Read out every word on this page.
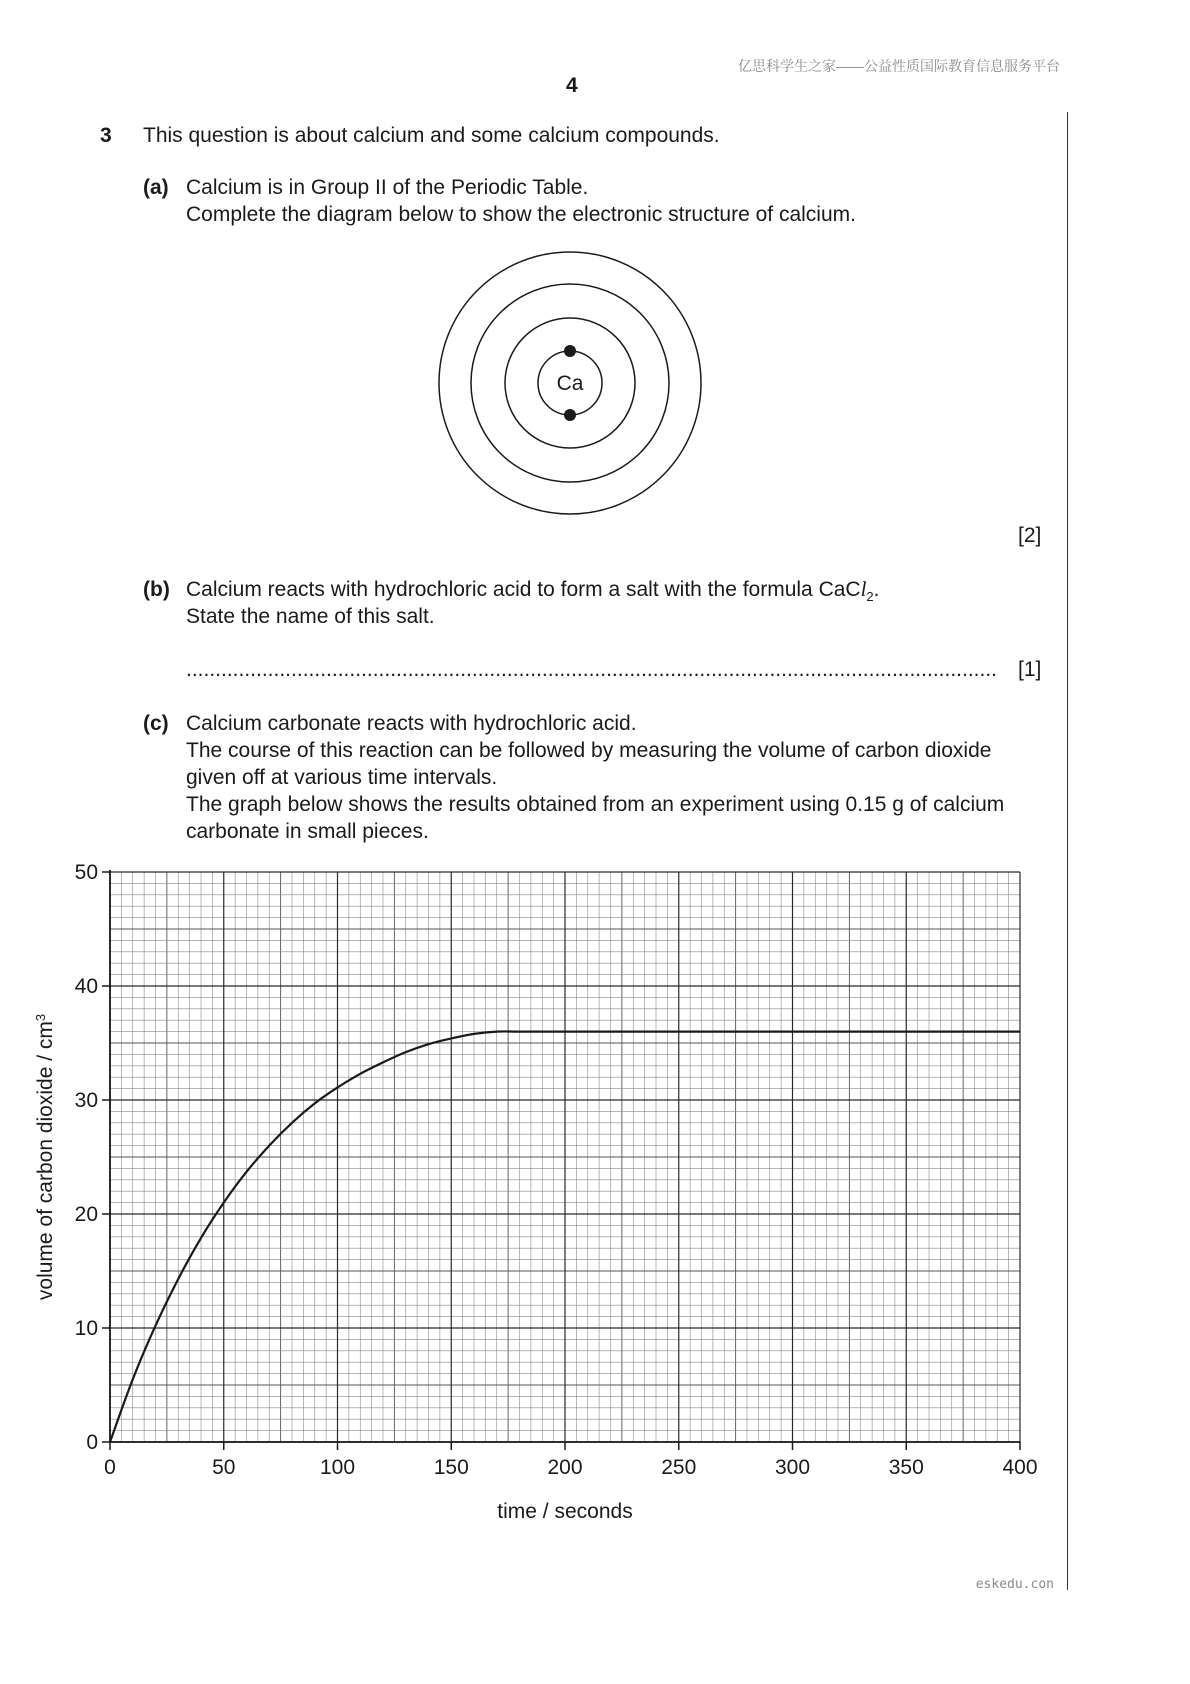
亿思科学生之家——公益性质国际教育信息服务平台
4
3 This question is about calcium and some calcium compounds.
(a) Calcium is in Group II of the Periodic Table.
Complete the diagram below to show the electronic structure of calcium.
Ca
[2]
(b) Calcium reacts with hydrochloric acid to form a salt with the formula CaCl$_2$.
State the name of this salt.
...........................................................................................................................................	[1]
(c) Calcium carbonate reacts with hydrochloric acid.
The course of this reaction can be followed by measuring the volume of carbon dioxide
given off at various time intervals.
The graph below shows the results obtained from an experiment using 0.15 g of calcium
carbonate in small pieces.
0	50	100	150	200	250	300	350	400
0
10
20
30
40
50
time / seconds
volume of carbon dioxide / $cm^3$
eskedu.con
